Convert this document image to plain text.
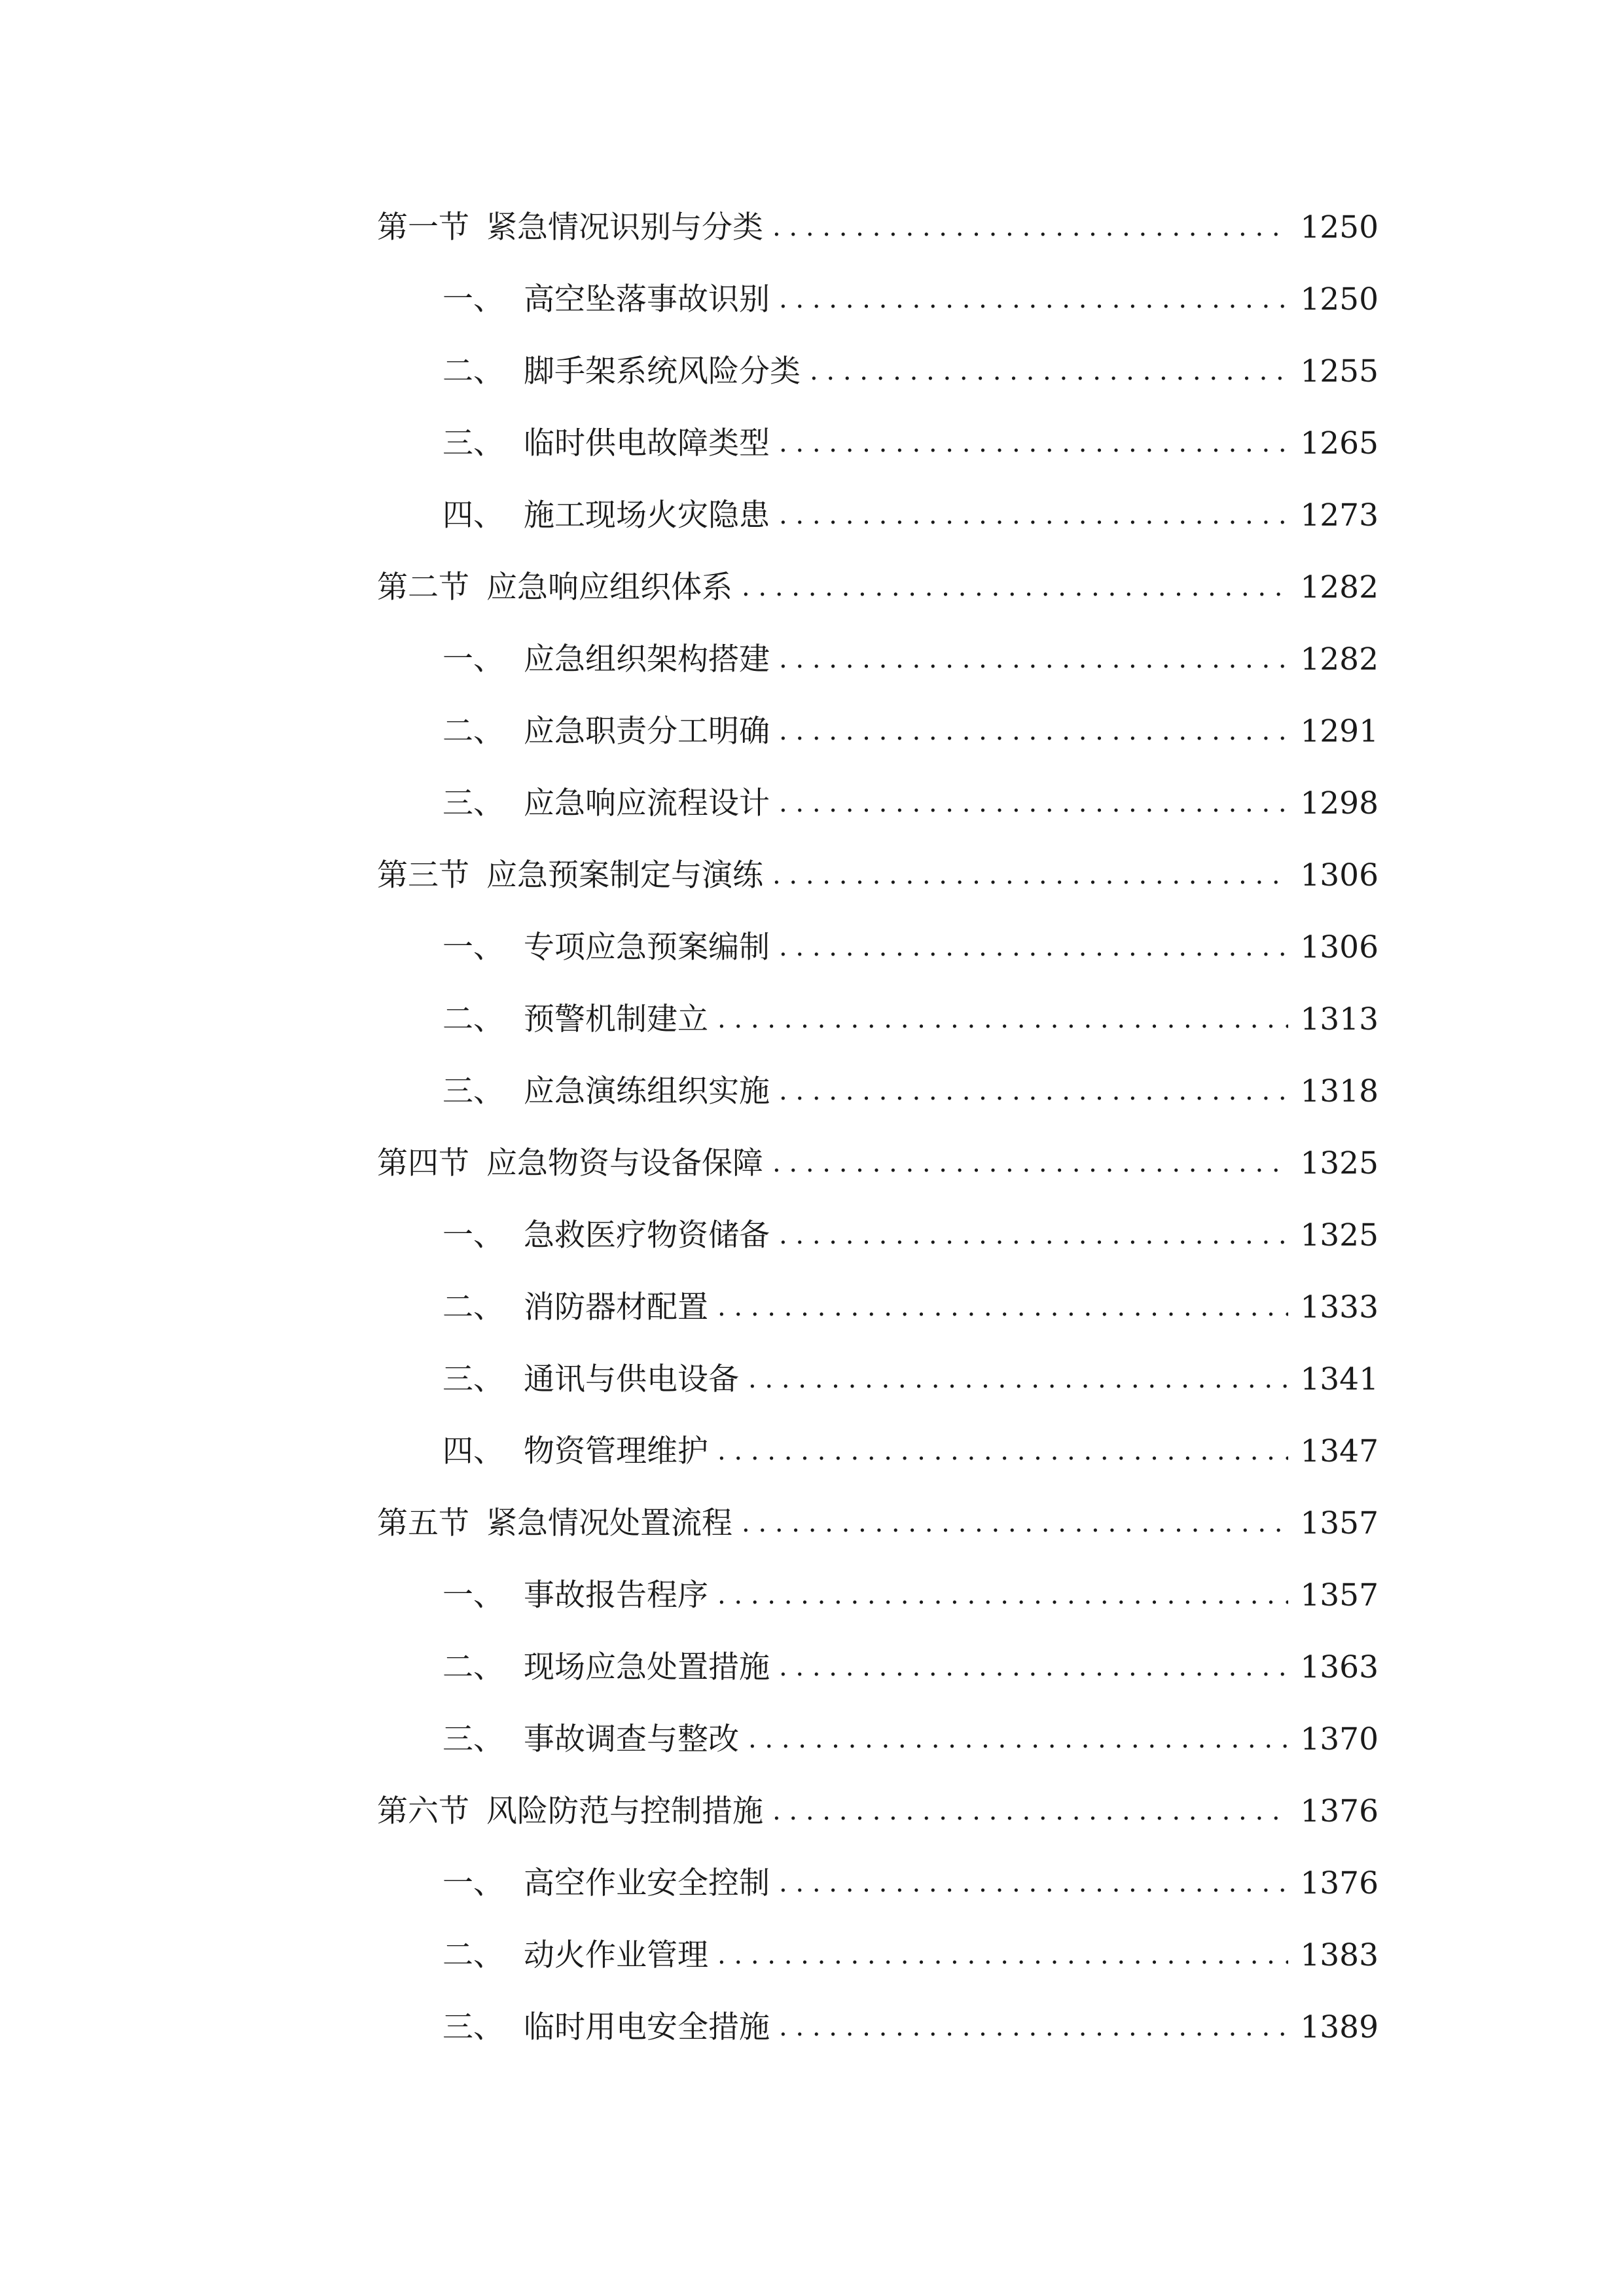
第一节 紧急情况识别与分类 . . .	1250
一、 高空坠落事故识别 . . .	1250
二、 脚手架系统风险分类 . . .	1255
三、 临时供电故障类型 . . .	1265
四、 施工现场火灾隐患 . . .	1273
第二节 应急响应组织体系 . . .	1282
一、 应急组织架构搭建 . . .	1282
二、 应急职责分工明确 . . .	1291
三、 应急响应流程设计 . . .	1298
第三节 应急预案制定与演练 . . .	1306
一、 专项应急预案编制 . . .	1306
二、 预警机制建立 . . .	1313
三、 应急演练组织实施 . . .	1318
第四节 应急物资与设备保障 . . .	1325
一、 急救医疗物资储备 . . .	1325
二、 消防器材配置 . . .	1333
三、 通讯与供电设备 . . .	1341
四、 物资管理维护 . . .	1347
第五节 紧急情况处置流程 . . .	1357
一、 事故报告程序 . . .	1357
二、 现场应急处置措施 . . .	1363
三、 事故调查与整改 . . .	1370
第六节 风险防范与控制措施 . . .	1376
一、 高空作业安全控制 . . .	1376
二、 动火作业管理 . . .	1383
三、 临时用电安全措施 . . .	1389
